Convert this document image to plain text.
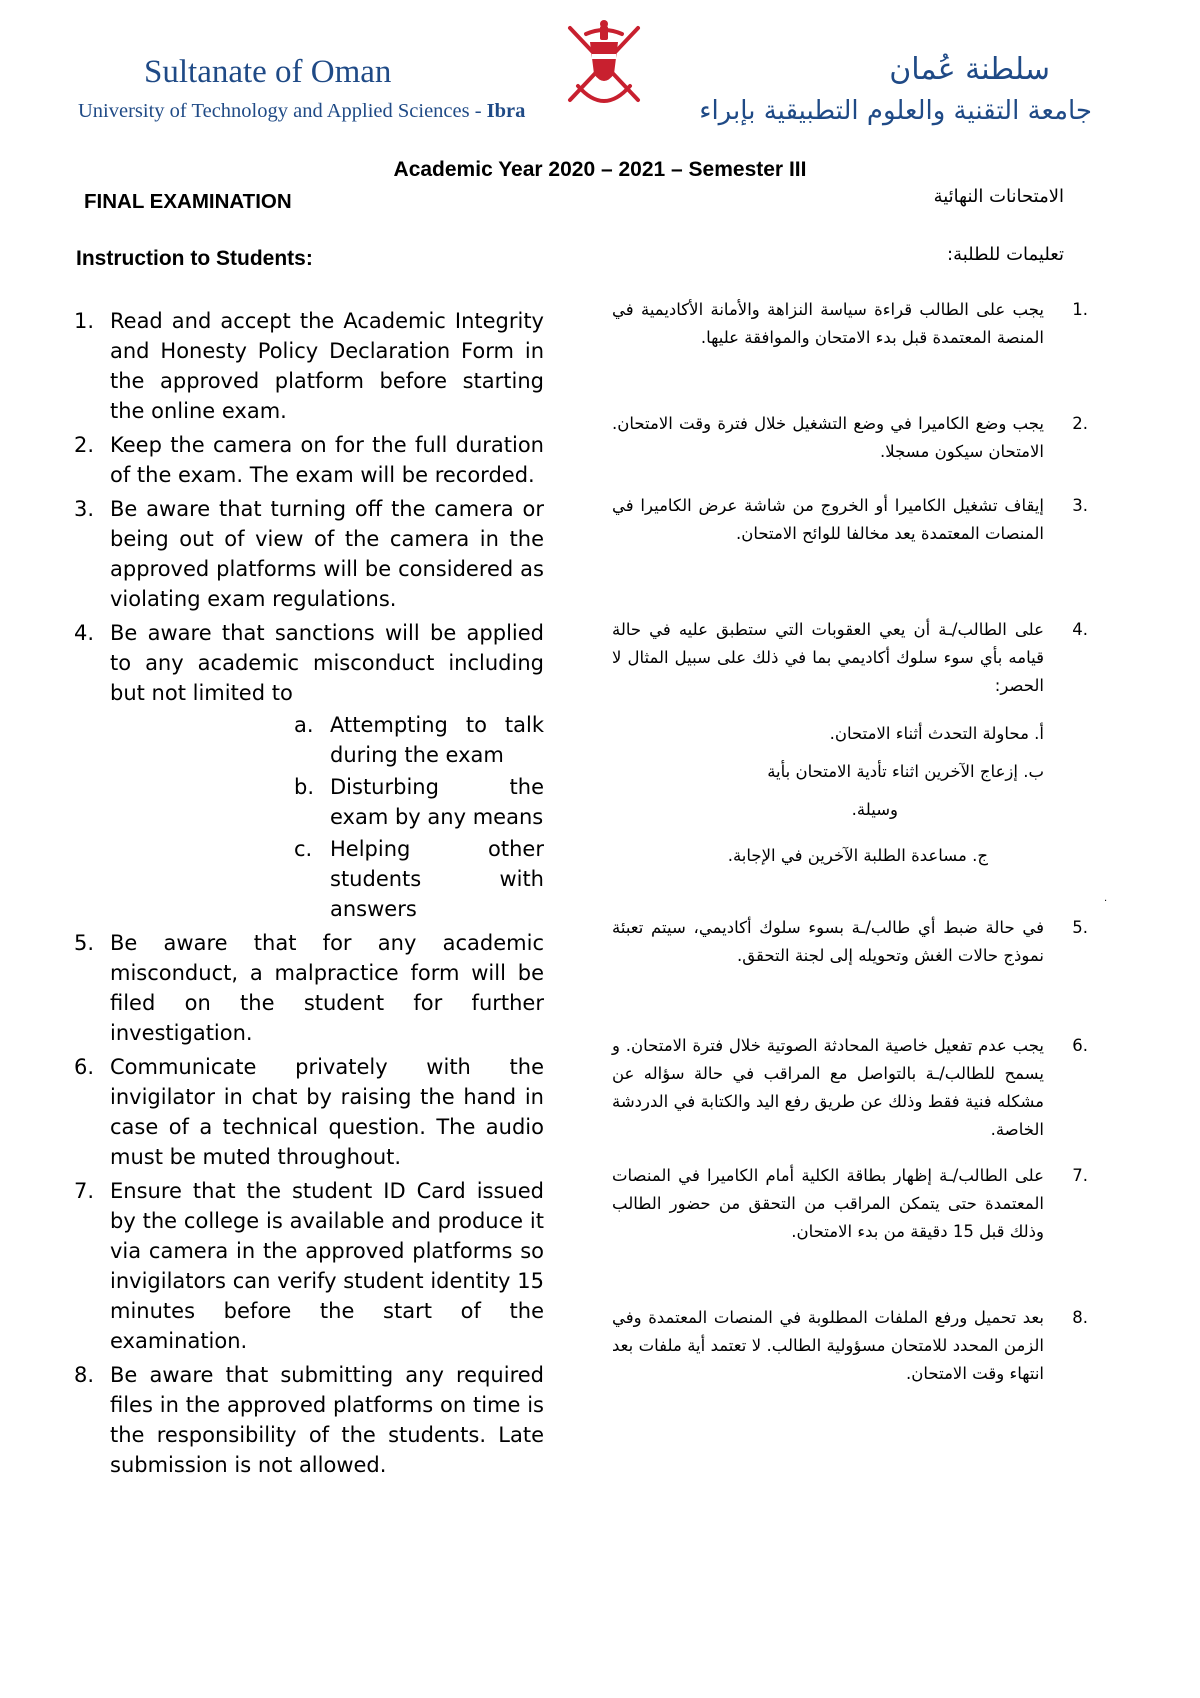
Sultanate of Oman
University of Technology and Applied Sciences - Ibra
سلطنة عُمان
جامعة التقنية والعلوم التطبيقية بإبراء
Academic Year 2020 – 2021 – Semester III
FINAL EXAMINATION	الامتحانات النهائية
Instruction to Students:	تعليمات للطلبة:
1. Read and accept the Academic Integrity and Honesty Policy Declaration Form in the approved platform before starting the online exam.
2. Keep the camera on for the full duration of the exam. The exam will be recorded.
3. Be aware that turning off the camera or being out of view of the camera in the approved platforms will be considered as violating exam regulations.
4. Be aware that sanctions will be applied to any academic misconduct including but not limited to
a. Attempting to talk during the exam
b. Disturbing the exam by any means
c. Helping other students with answers
5. Be aware that for any academic misconduct, a malpractice form will be filed on the student for further investigation.
6. Communicate privately with the invigilator in chat by raising the hand in case of a technical question. The audio must be muted throughout.
7. Ensure that the student ID Card issued by the college is available and produce it via camera in the approved platforms so invigilators can verify student identity 15 minutes before the start of the examination.
8. Be aware that submitting any required files in the approved platforms on time is the responsibility of the students. Late submission is not allowed.
.1
يجب على الطالب قراءة سياسة النزاهة والأمانة الأكاديمية في المنصة المعتمدة قبل بدء الامتحان والموافقة عليها.
.2
يجب وضع الكاميرا في وضع التشغيل خلال فترة وقت الامتحان. الامتحان سيكون مسجلا.
.3
إيقاف تشغيل الكاميرا أو الخروج من شاشة عرض الكاميرا في المنصات المعتمدة يعد مخالفا للوائح الامتحان.
.4
على الطالب/ـة أن يعي العقوبات التي ستطبق عليه في حالة قيامه بأي سوء سلوك أكاديمي بما في ذلك على سبيل المثال لا الحصر:
أ. محاولة التحدث أثناء الامتحان.
ب. إزعاج الآخرين اثناء تأدية الامتحان بأية
وسيلة.
ج. مساعدة الطلبة الآخرين في الإجابة.
.5
في حالة ضبط أي طالب/ـة بسوء سلوك أكاديمي، سيتم تعبئة نموذج حالات الغش وتحويله إلى لجنة التحقق.
.6
يجب عدم تفعيل خاصية المحادثة الصوتية خلال فترة الامتحان. و يسمح للطالب/ـة بالتواصل مع المراقب في حالة سؤاله عن مشكله فنية فقط وذلك عن طريق رفع اليد والكتابة في الدردشة الخاصة.
.7
على الطالب/ـة إظهار بطاقة الكلية أمام الكاميرا في المنصات المعتمدة حتى يتمكن المراقب من التحقق من حضور الطالب وذلك قبل 15 دقيقة من بدء الامتحان.
.8
بعد تحميل ورفع الملفات المطلوبة في المنصات المعتمدة وفي الزمن المحدد للامتحان مسؤولية الطالب. لا تعتمد أية ملفات بعد انتهاء وقت الامتحان.
.
